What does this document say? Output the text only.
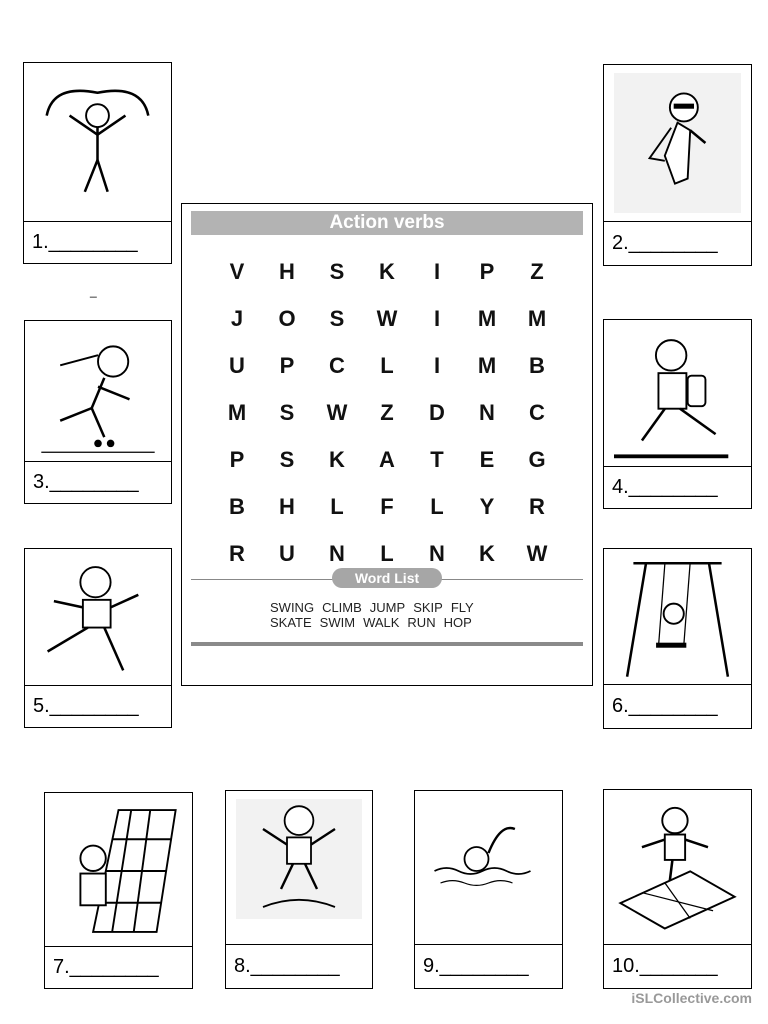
1.________	2.________
3.________	4.________
5.________	6.________
7.________	8.________	9.________	10._______
_
Action verbs
V	H	S	K	I	P	Z
J	O	S	W	I	M	M
U	P	C	L	I	M	B
M	S	W	Z	D	N	C
P	S	K	A	T	E	G
B	H	L	F	L	Y	R
R	U	N	L	N	K	W
Word List
SWING CLIMB JUMP SKIP FLY
SKATE SWIM WALK RUN HOP
iSLCollective.com
